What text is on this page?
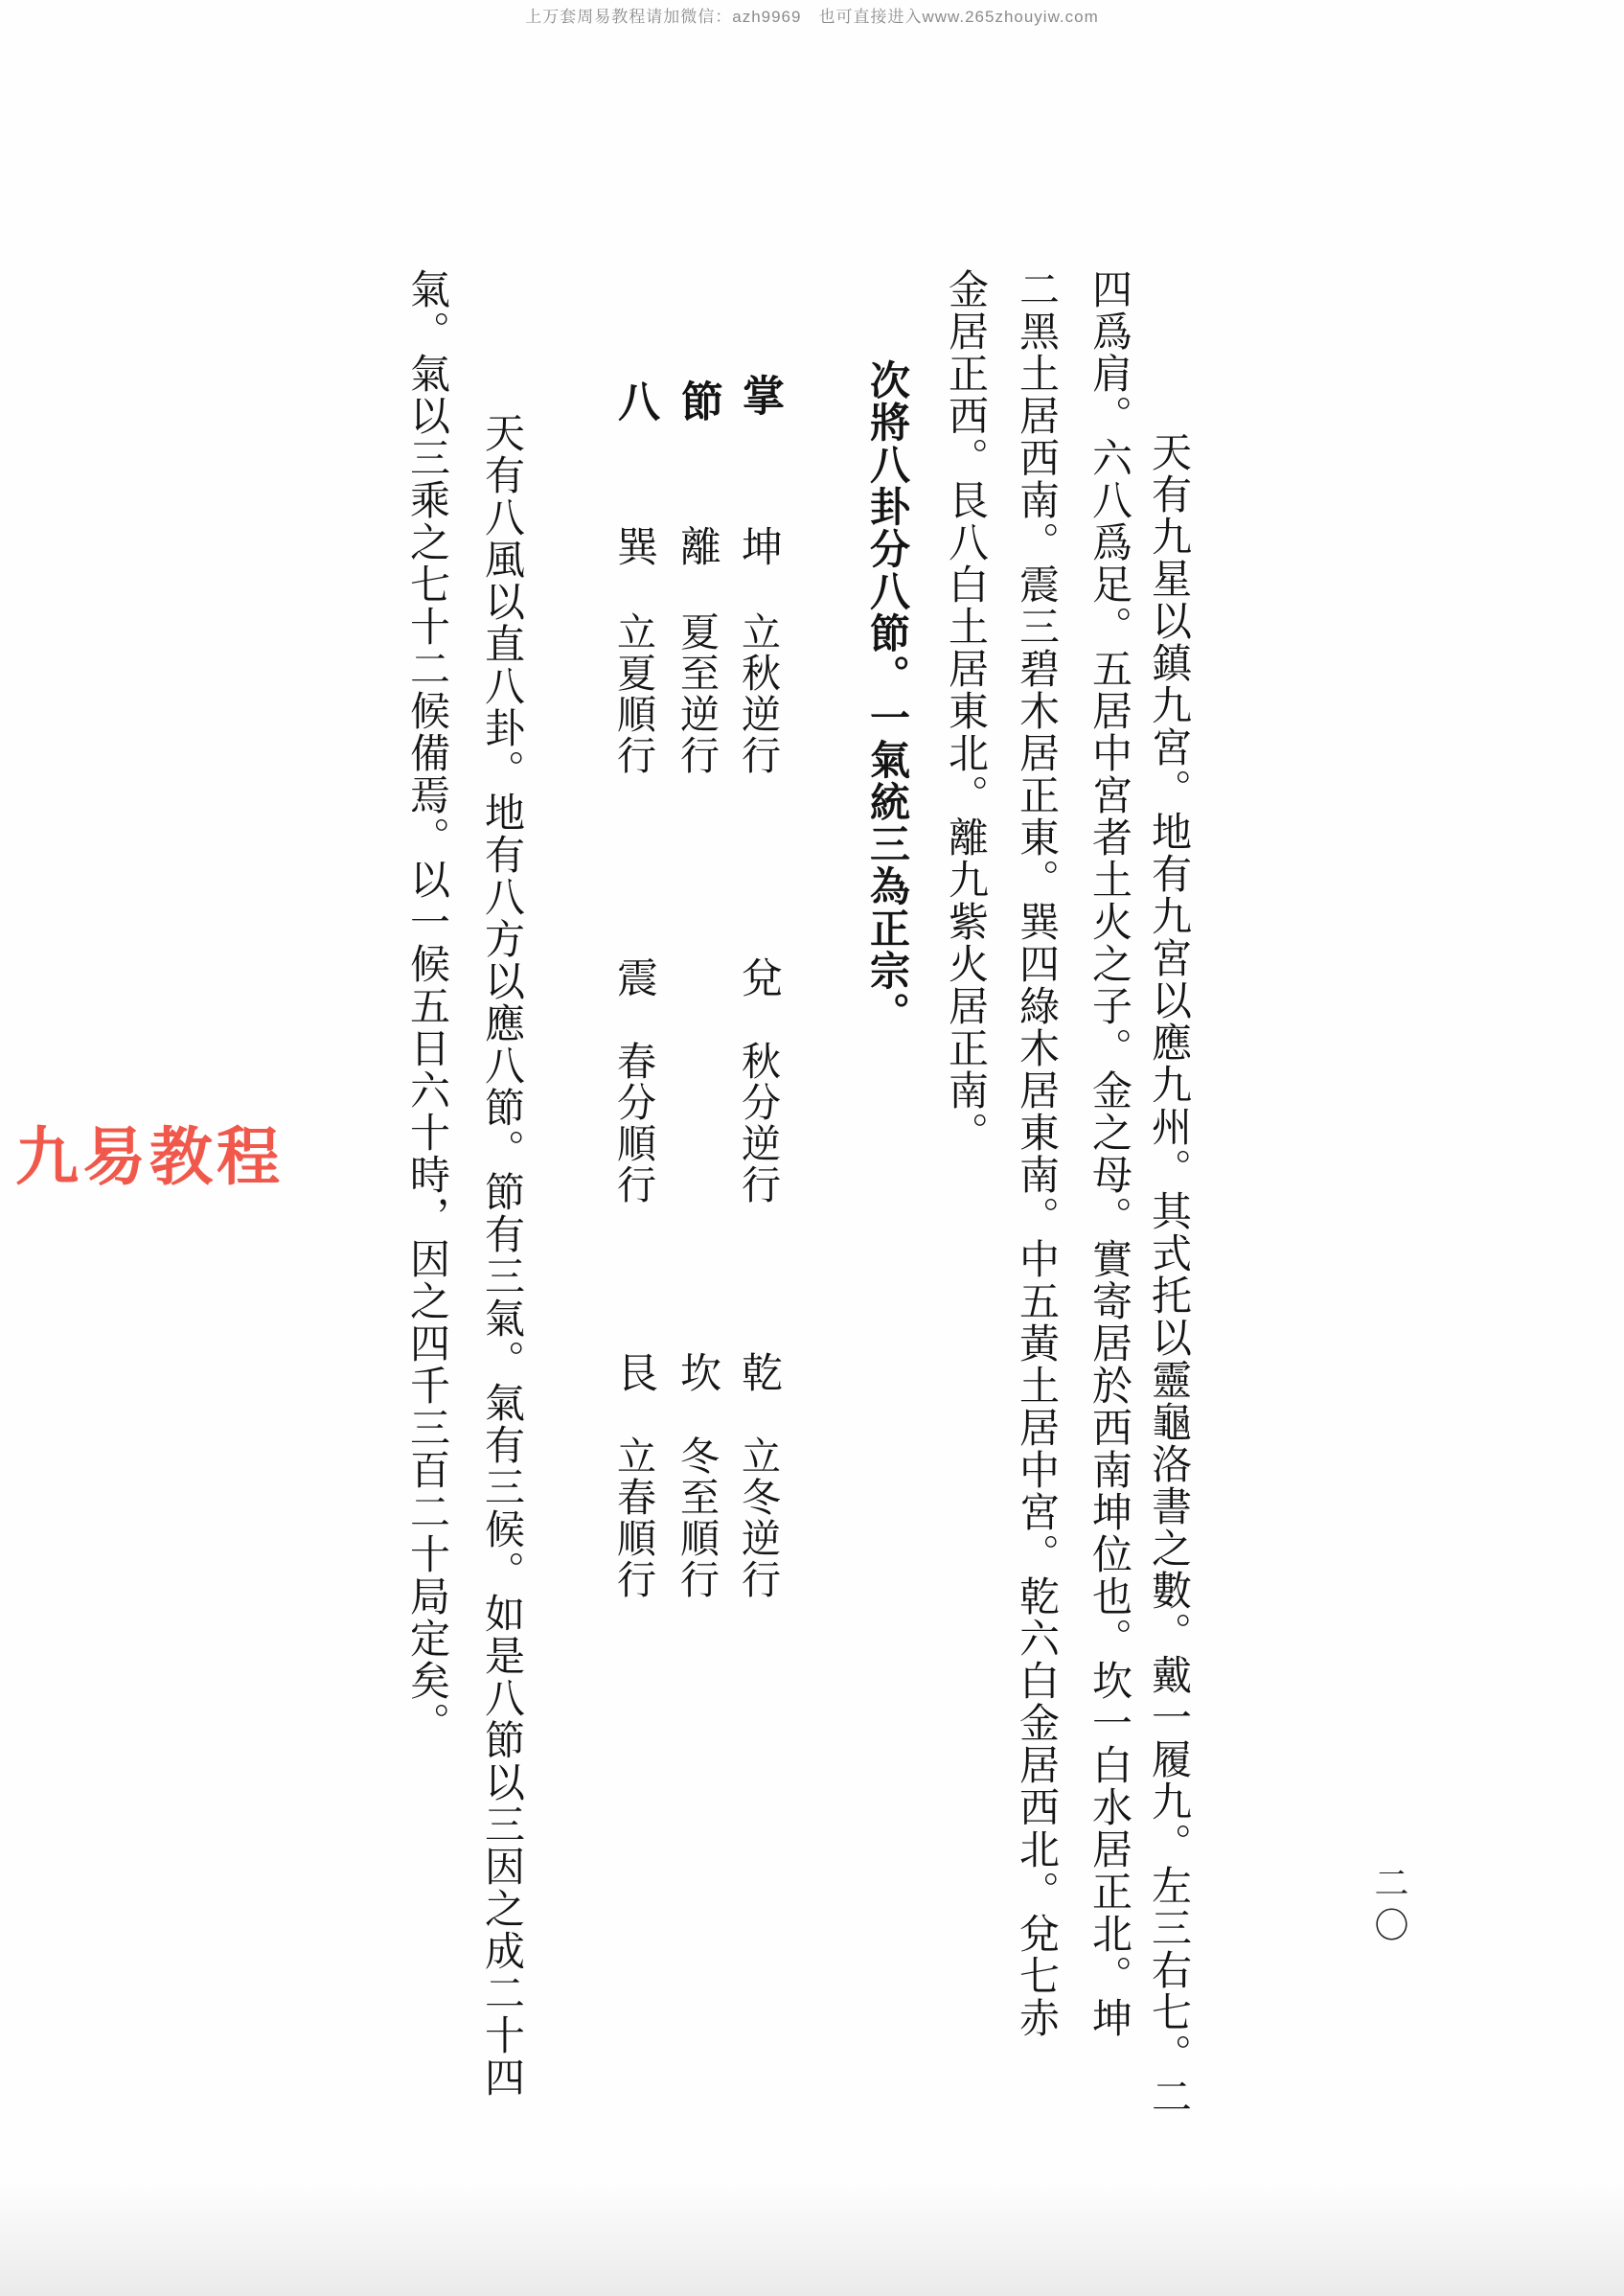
上万套周易教程请加微信：azh9969　也可直接进入www.265zhouyiw.com
天有九星以鎮九宮。地有九宮以應九州。其式托以靈龜洛書之數。戴一履九。左三右七。二
四爲肩。六八爲足。五居中宮者土火之子。金之母。實寄居於西南坤位也。坎一白水居正北。坤
二黑土居西南。震三碧木居正東。巽四綠木居東南。中五黃土居中宮。乾六白金居西北。兌七赤
金居正西。艮八白土居東北。離九紫火居正南。
次將八卦分八節。一氣統三為正宗。
掌
節
八
坤
立秋逆行
離
夏至逆行
巽
立夏順行
兌
秋分逆行
震
春分順行
乾
立冬逆行
坎
冬至順行
艮
立春順行
天有八風以直八卦。地有八方以應八節。節有三氣。氣有三候。如是八節以三因之成二十四
氣。氣以三乘之七十二候備焉。以一候五日六十時，因之四千三百二十局定矣。
九易教程
二〇
